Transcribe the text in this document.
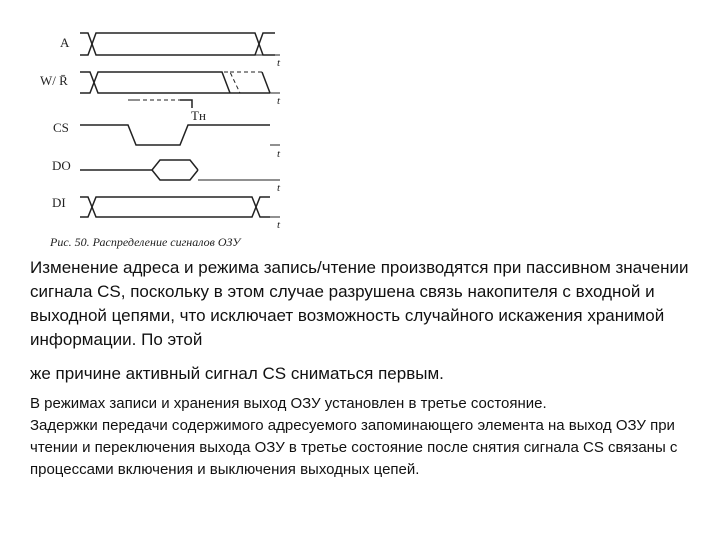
A
W/ R̄
CS
DO
DI
t
t
Tн
t
t
t
Рис. 50. Распределение сигналов ОЗУ

Изменение адреса и режима запись/чтение производятся при пассивном значении сигнала CS, поскольку в этом случае разрушена связь накопителя с входной и выходной цепями, что исключает возможность случайного искажения хранимой информации. По этой

же причине активный сигнал CS сниматься первым.

В режимах записи и хранения выход ОЗУ установлен в третье состояние.

Задержки передачи содержимого адресуемого запоминающего элемента на выход ОЗУ при чтении и переключения выхода ОЗУ в третье состояние после снятия сигнала CS связаны с процессами включения и выключения выходных цепей.
